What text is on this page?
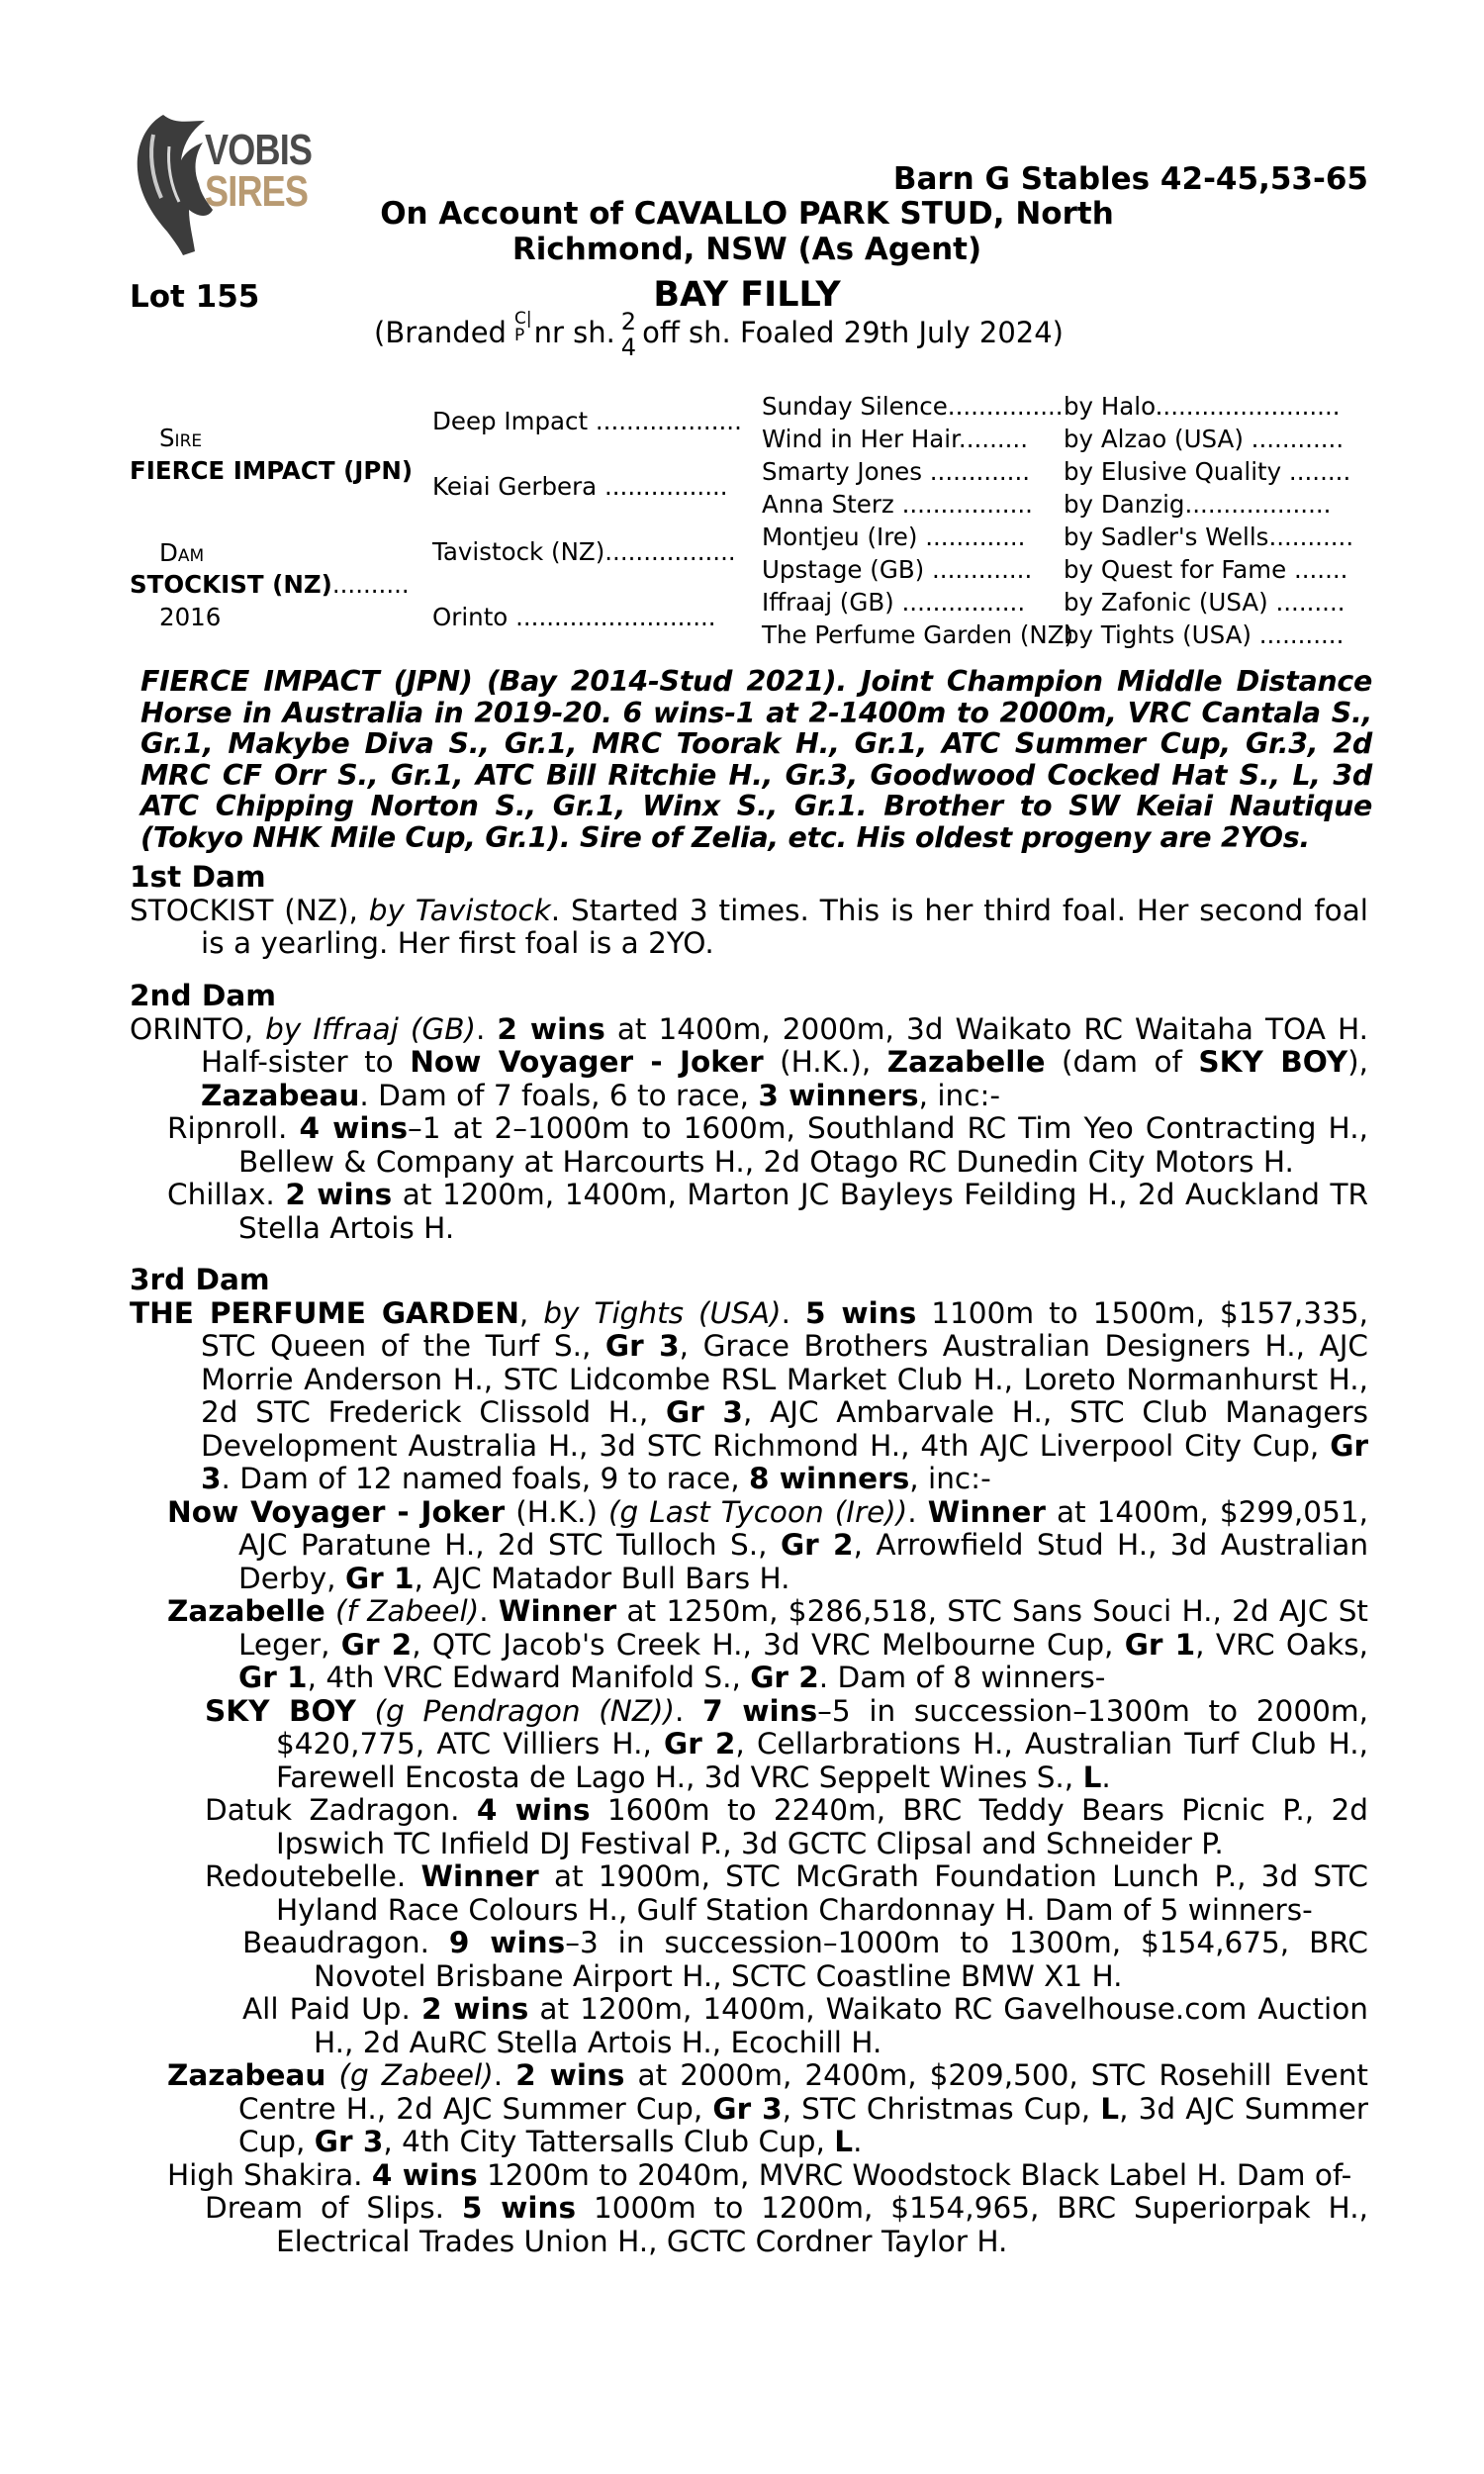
VOBIS
SIRES	Barn G Stables 42-45,53-65
On Account of CAVALLO PARK STUD, North Richmond, NSW (As Agent)
Lot 155	BAY FILLY
(Branded C|
P nr sh. 2
4 off sh. Foaled 29th July 2024)
Sire
FIERCE IMPACT (JPN)
Dam
STOCKIST (NZ)..........
2016
Deep Impact ...................
Keiai Gerbera ................
Tavistock (NZ).................
Orinto ..........................
Sunday Silence...............
Wind in Her Hair.........
Smarty Jones .............
Anna Sterz .................
Montjeu (Ire) .............
Upstage (GB) .............
Iffraaj (GB) ................
The Perfume Garden (NZ)
by Halo........................
by Alzao (USA) ............
by Elusive Quality ........
by Danzig...................
by Sadler's Wells...........
by Quest for Fame .......
by Zafonic (USA) .........
by Tights (USA) ...........

FIERCE IMPACT (JPN) (Bay 2014-Stud 2021). Joint Champion Middle Distance Horse in Australia in 2019-20. 6 wins-1 at 2-1400m to 2000m, VRC Cantala S., Gr.1, Makybe Diva S., Gr.1, MRC Toorak H., Gr.1, ATC Summer Cup, Gr.3, 2d MRC CF Orr S., Gr.1, ATC Bill Ritchie H., Gr.3, Goodwood Cocked Hat S., L, 3d ATC Chipping Norton S., Gr.1, Winx S., Gr.1. Brother to SW Keiai Nautique (Tokyo NHK Mile Cup, Gr.1). Sire of Zelia, etc. His oldest progeny are 2YOs.

1st Dam

STOCKIST (NZ), by Tavistock. Started 3 times. This is her third foal. Her second foal is a yearling. Her first foal is a 2YO.

2nd Dam

ORINTO, by Iffraaj (GB). 2 wins at 1400m, 2000m, 3d Waikato RC Waitaha TOA H. Half-sister to Now Voyager - Joker (H.K.), Zazabelle (dam of SKY BOY), Zazabeau. Dam of 7 foals, 6 to race, 3 winners, inc:-

Ripnroll. 4 wins–1 at 2–1000m to 1600m, Southland RC Tim Yeo Contracting H., Bellew & Company at Harcourts H., 2d Otago RC Dunedin City Motors H.

Chillax. 2 wins at 1200m, 1400m, Marton JC Bayleys Feilding H., 2d Auckland TR Stella Artois H.

3rd Dam

THE PERFUME GARDEN, by Tights (USA). 5 wins 1100m to 1500m, $157,335, STC Queen of the Turf S., Gr 3, Grace Brothers Australian Designers H., AJC Morrie Anderson H., STC Lidcombe RSL Market Club H., Loreto Normanhurst H., 2d STC Frederick Clissold H., Gr 3, AJC Ambarvale H., STC Club Managers Development Australia H., 3d STC Richmond H., 4th AJC Liverpool City Cup, Gr 3. Dam of 12 named foals, 9 to race, 8 winners, inc:-

Now Voyager - Joker (H.K.) (g Last Tycoon (Ire)). Winner at 1400m, $299,051, AJC Paratune H., 2d STC Tulloch S., Gr 2, Arrowfield Stud H., 3d Australian Derby, Gr 1, AJC Matador Bull Bars H.

Zazabelle (f Zabeel). Winner at 1250m, $286,518, STC Sans Souci H., 2d AJC St Leger, Gr 2, QTC Jacob's Creek H., 3d VRC Melbourne Cup, Gr 1, VRC Oaks, Gr 1, 4th VRC Edward Manifold S., Gr 2. Dam of 8 winners-

SKY BOY (g Pendragon (NZ)). 7 wins–5 in succession–1300m to 2000m, $420,775, ATC Villiers H., Gr 2, Cellarbrations H., Australian Turf Club H., Farewell Encosta de Lago H., 3d VRC Seppelt Wines S., L.

Datuk Zadragon. 4 wins 1600m to 2240m, BRC Teddy Bears Picnic P., 2d Ipswich TC Infield DJ Festival P., 3d GCTC Clipsal and Schneider P.

Redoutebelle. Winner at 1900m, STC McGrath Foundation Lunch P., 3d STC Hyland Race Colours H., Gulf Station Chardonnay H. Dam of 5 winners-

Beaudragon. 9 wins–3 in succession–1000m to 1300m, $154,675, BRC Novotel Brisbane Airport H., SCTC Coastline BMW X1 H.

All Paid Up. 2 wins at 1200m, 1400m, Waikato RC Gavelhouse.com Auction H., 2d AuRC Stella Artois H., Ecochill H.

Zazabeau (g Zabeel). 2 wins at 2000m, 2400m, $209,500, STC Rosehill Event Centre H., 2d AJC Summer Cup, Gr 3, STC Christmas Cup, L, 3d AJC Summer Cup, Gr 3, 4th City Tattersalls Club Cup, L.

High Shakira. 4 wins 1200m to 2040m, MVRC Woodstock Black Label H. Dam of-

Dream of Slips. 5 wins 1000m to 1200m, $154,965, BRC Superiorpak H., Electrical Trades Union H., GCTC Cordner Taylor H.
